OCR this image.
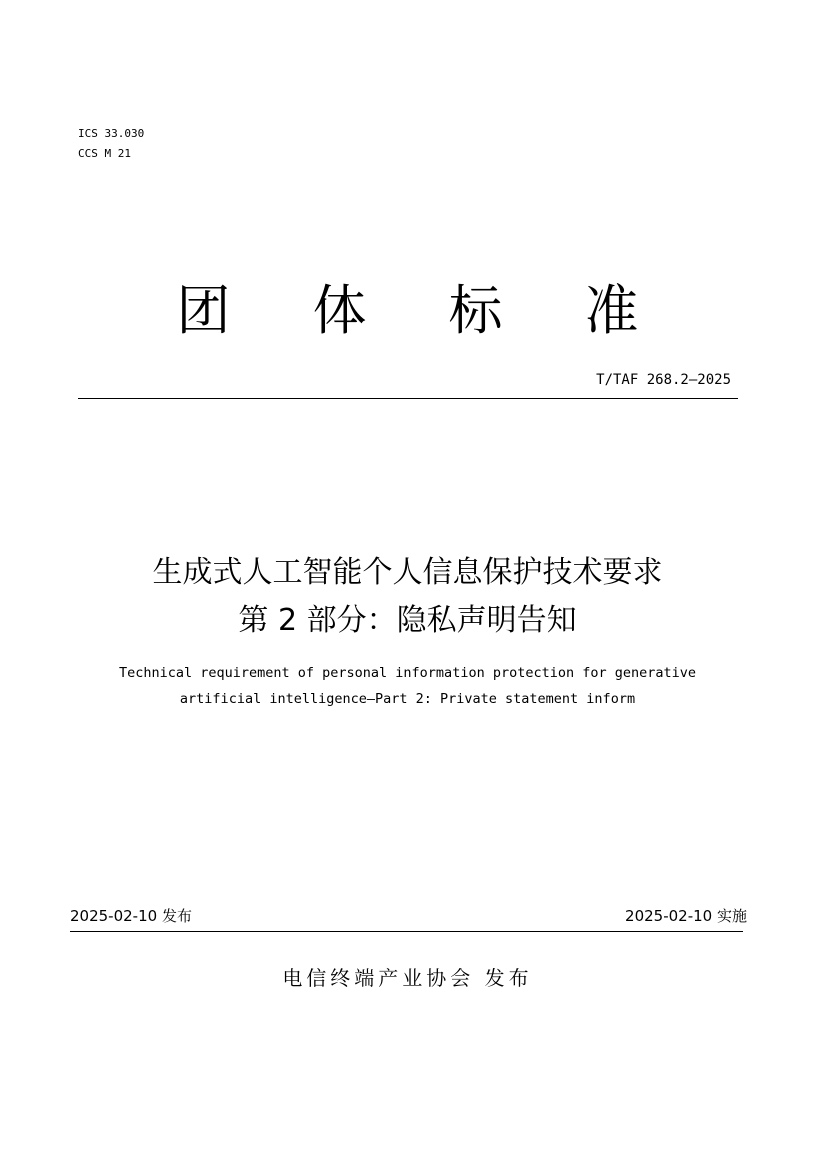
ICS 33.030
CCS M 21
团体标准
T/TAF 268.2—2025
生成式人工智能个人信息保护技术要求
第 2 部分：隐私声明告知
Technical requirement of personal information protection for generative
artificial intelligence—Part 2: Private statement inform
2025-02-10 发布	2025-02-10 实施
电信终端产业协会 发布
